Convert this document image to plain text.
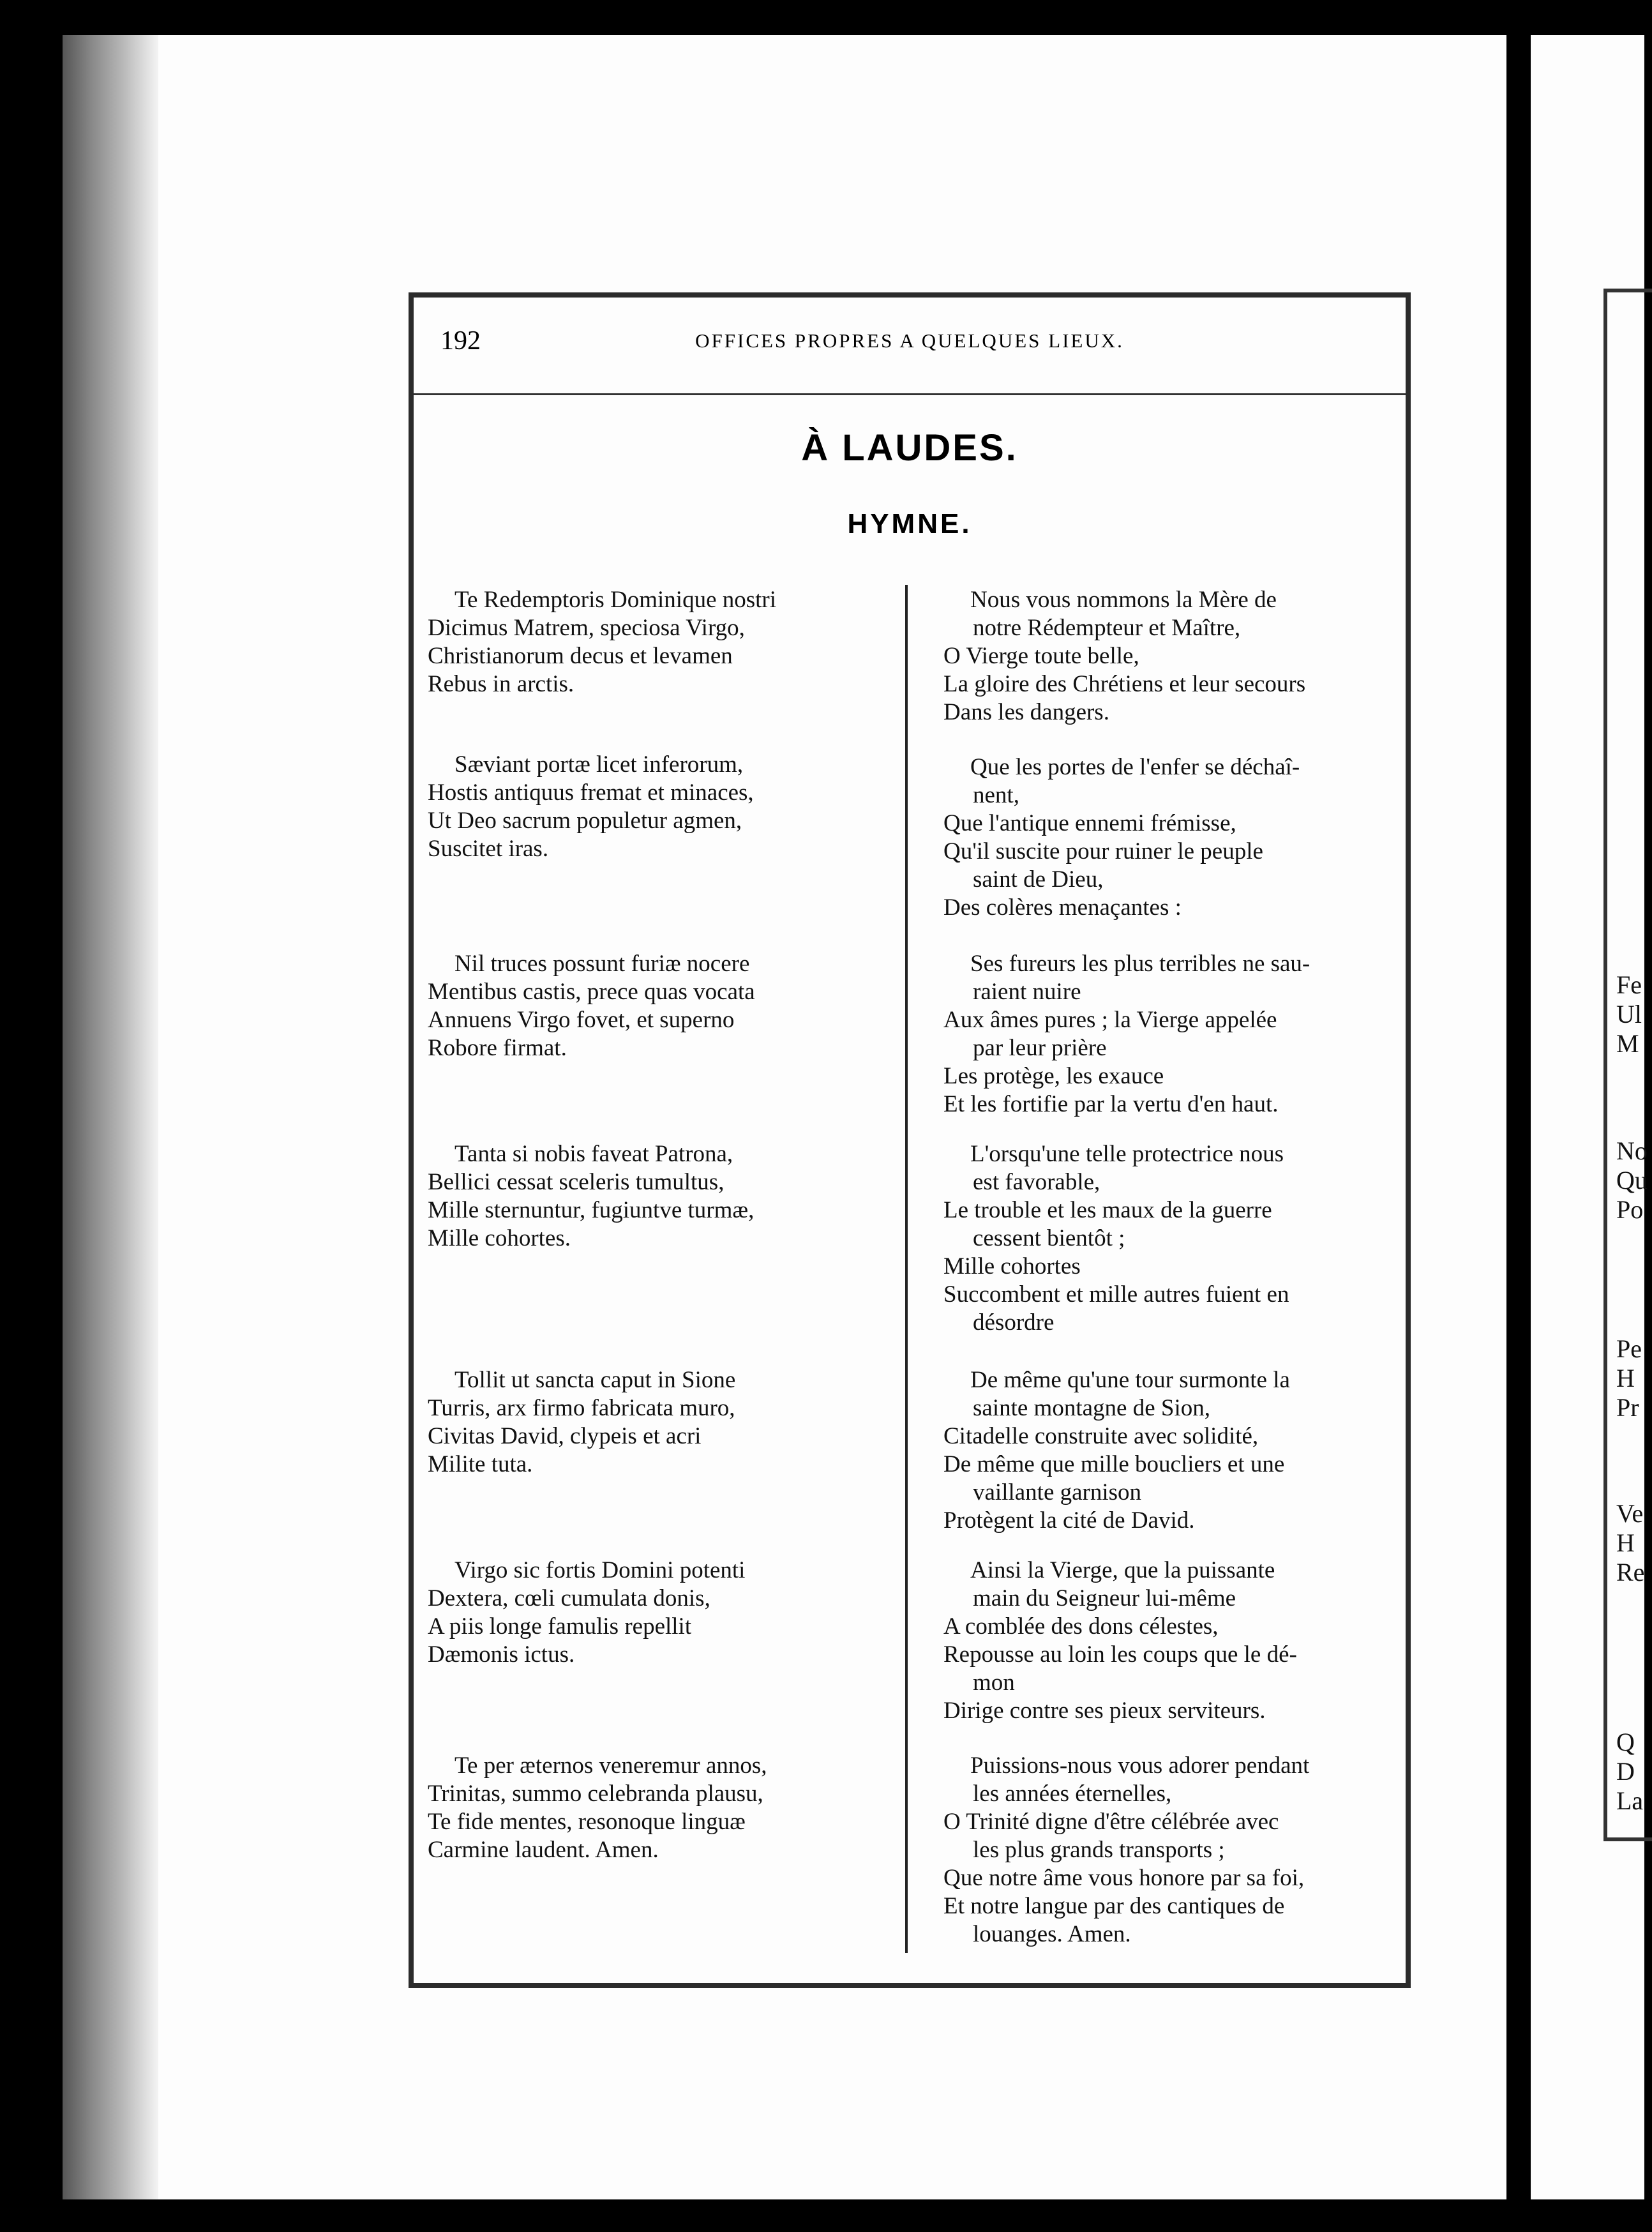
Fe
Ul
M
No
Qu
Po
Pe
H
Pr
Ve
H
Re
Q
D
La
192	OFFICES PROPRES A QUELQUES LIEUX.
À LAUDES.
HYMNE.
Te Redemptoris Dominique nostri
Dicimus Matrem, speciosa Virgo,
Christianorum decus et levamen
Rebus in arctis.
Sæviant portæ licet inferorum,
Hostis antiquus fremat et minaces,
Ut Deo sacrum populetur agmen,
Suscitet iras.
Nil truces possunt furiæ nocere
Mentibus castis, prece quas vocata
Annuens Virgo fovet, et superno
Robore firmat.
Tanta si nobis faveat Patrona,
Bellici cessat sceleris tumultus,
Mille sternuntur, fugiuntve turmæ,
Mille cohortes.
Tollit ut sancta caput in Sione
Turris, arx firmo fabricata muro,
Civitas David, clypeis et acri
Milite tuta.
Virgo sic fortis Domini potenti
Dextera, cœli cumulata donis,
A piis longe famulis repellit
Dæmonis ictus.
Te per æternos veneremur annos,
Trinitas, summo celebranda plausu,
Te fide mentes, resonoque linguæ
Carmine laudent. Amen.
Nous vous nommons la Mère de
notre Rédempteur et Maître,
O Vierge toute belle,
La gloire des Chrétiens et leur secours
Dans les dangers.
Que les portes de l'enfer se déchaî-
nent,
Que l'antique ennemi frémisse,
Qu'il suscite pour ruiner le peuple
saint de Dieu,
Des colères menaçantes :
Ses fureurs les plus terribles ne sau-
raient nuire
Aux âmes pures ; la Vierge appelée
par leur prière
Les protège, les exauce
Et les fortifie par la vertu d'en haut.
L'orsqu'une telle protectrice nous
est favorable,
Le trouble et les maux de la guerre
cessent bientôt ;
Mille cohortes
Succombent et mille autres fuient en
désordre
De même qu'une tour surmonte la
sainte montagne de Sion,
Citadelle construite avec solidité,
De même que mille boucliers et une
vaillante garnison
Protègent la cité de David.
Ainsi la Vierge, que la puissante
main du Seigneur lui-même
A comblée des dons célestes,
Repousse au loin les coups que le dé-
mon
Dirige contre ses pieux serviteurs.
Puissions-nous vous adorer pendant
les années éternelles,
O Trinité digne d'être célébrée avec
les plus grands transports ;
Que notre âme vous honore par sa foi,
Et notre langue par des cantiques de
louanges. Amen.
